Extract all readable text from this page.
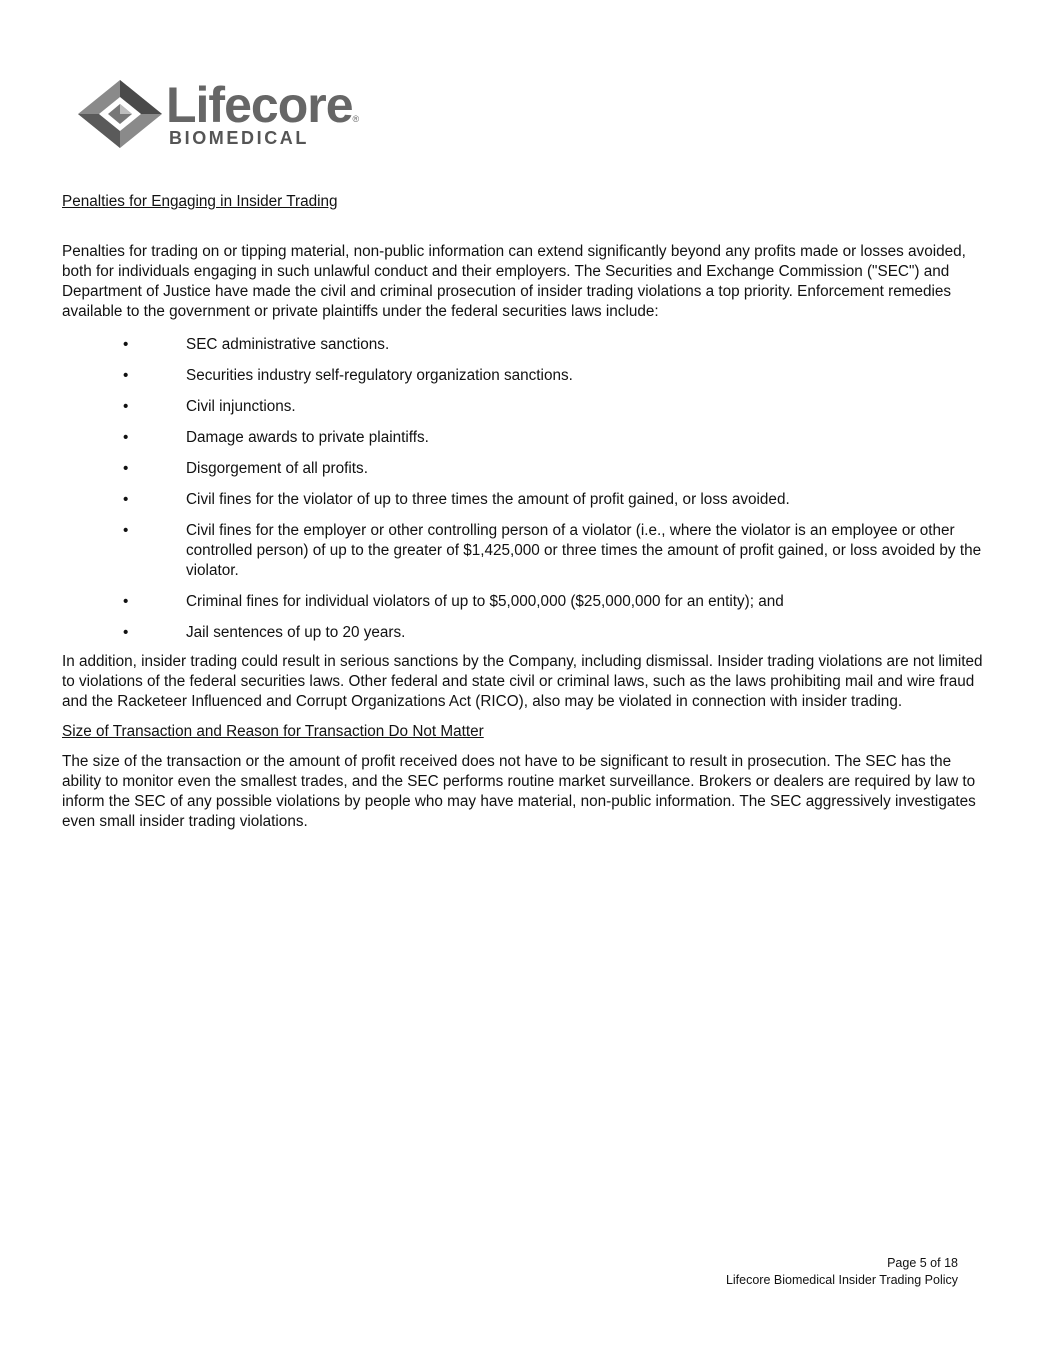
Lifecore®
BIOMEDICAL

Penalties for Engaging in Insider Trading

Penalties for trading on or tipping material, non-public information can extend significantly beyond any profits made or losses avoided, both for individuals engaging in such unlawful conduct and their employers. The Securities and Exchange Commission ("SEC") and Department of Justice have made the civil and criminal prosecution of insider trading violations a top priority. Enforcement remedies available to the government or private plaintiffs under the federal securities laws include:

•	SEC administrative sanctions.
•	Securities industry self-regulatory organization sanctions.
•	Civil injunctions.
•	Damage awards to private plaintiffs.
•	Disgorgement of all profits.
•	Civil fines for the violator of up to three times the amount of profit gained, or loss avoided.
•	Civil fines for the employer or other controlling person of a violator (i.e., where the violator is an employee or other controlled person) of up to the greater of $1,425,000 or three times the amount of profit gained, or loss avoided by the violator.
•	Criminal fines for individual violators of up to $5,000,000 ($25,000,000 for an entity); and
•	Jail sentences of up to 20 years.

In addition, insider trading could result in serious sanctions by the Company, including dismissal. Insider trading violations are not limited to violations of the federal securities laws. Other federal and state civil or criminal laws, such as the laws prohibiting mail and wire fraud and the Racketeer Influenced and Corrupt Organizations Act (RICO), also may be violated in connection with insider trading.

Size of Transaction and Reason for Transaction Do Not Matter

The size of the transaction or the amount of profit received does not have to be significant to result in prosecution. The SEC has the ability to monitor even the smallest trades, and the SEC performs routine market surveillance. Brokers or dealers are required by law to inform the SEC of any possible violations by people who may have material, non-public information. The SEC aggressively investigates even small insider trading violations.

Page 5 of 18
Lifecore Biomedical Insider Trading Policy
